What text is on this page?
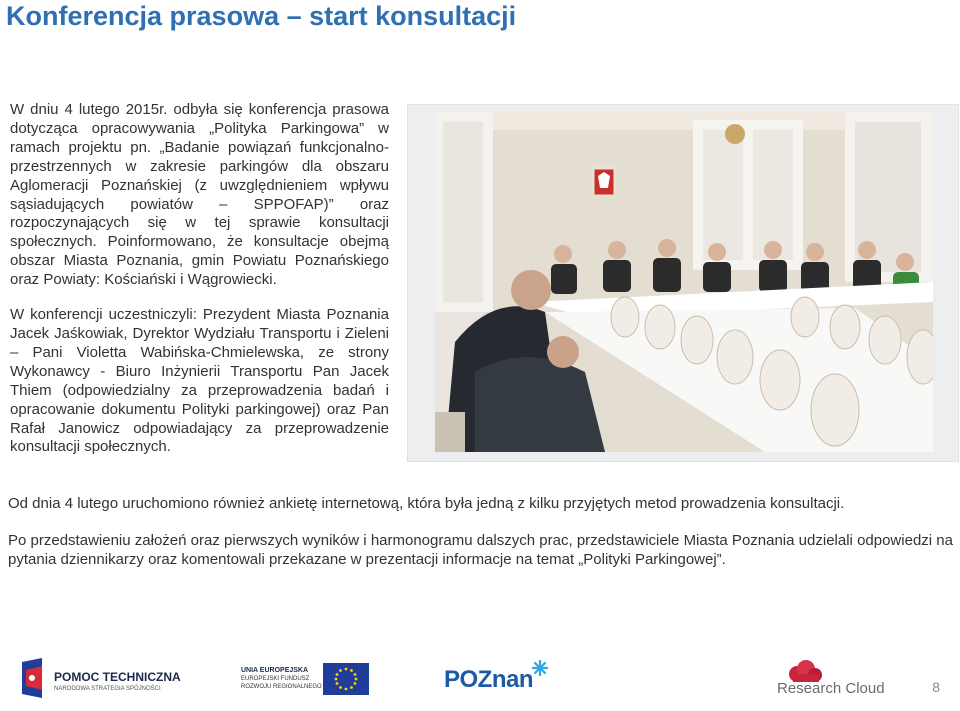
Konferencja prasowa – start konsultacji

W dniu 4 lutego 2015r. odbyła się konferencja prasowa dotycząca opracowywania „Polityka Parkingowa” w ramach projektu pn. „Badanie powiązań funkcjonalno-przestrzennych w zakresie parkingów dla obszaru Aglomeracji Poznańskiej (z uwzględnieniem wpływu sąsiadujących powiatów – SPPOFAP)” oraz rozpoczynających się w tej sprawie konsultacji społecznych. Poinformowano, że konsultacje obejmą obszar Miasta Poznania, gmin Powiatu Poznańskiego oraz Powiaty: Kościański i Wągrowiecki.

W konferencji uczestniczyli: Prezydent Miasta Poznania Jacek Jaśkowiak, Dyrektor Wydziału Transportu i Zieleni – Pani Violetta Wabińska-Chmielewska, ze strony Wykonawcy - Biuro Inżynierii Transportu Pan Jacek Thiem (odpowiedzialny za przeprowadzenia badań i opracowanie dokumentu Polityki parkingowej) oraz Pan Rafał Janowicz odpowiadający za przeprowadzenie konsultacji społecznych.

Od dnia 4 lutego uruchomiono również ankietę internetową, która była jedną z kilku przyjętych metod prowadzenia konsultacji.

Po przedstawieniu założeń oraz pierwszych wyników i harmonogramu dalszych prac, przedstawiciele Miasta Poznania udzielali odpowiedzi na pytania dziennikarzy oraz komentowali przekazane w prezentacji informacje na temat „Polityki Parkingowej”.

POMOC TECHNICZNA
NARODOWA STRATEGIA SPÓJNOŚCI
UNIA EUROPEJSKA
EUROPEJSKI FUNDUSZ
ROZWOJU REGIONALNEGO	POZnan	Research Cloud	8
